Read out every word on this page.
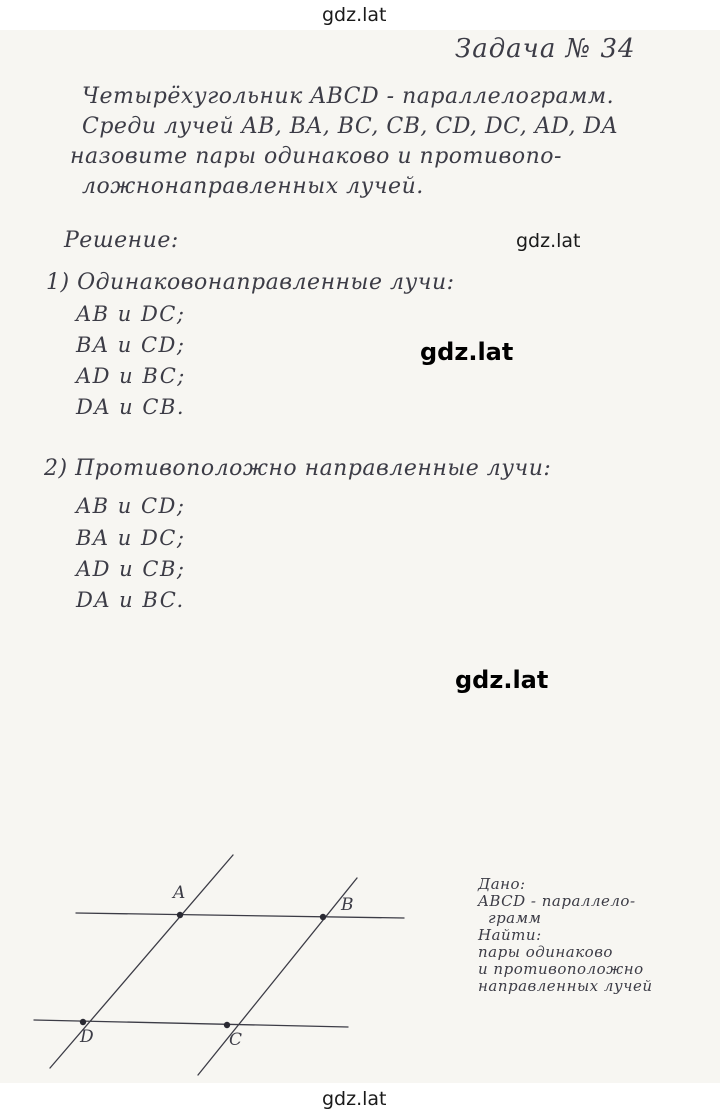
gdz.lat
gdz.lat
gdz.lat
gdz.lat
gdz.lat

Задача № 34

Четырёхугольник ABCD - параллелограмм.
Среди лучей AB, BA, BC, CB, CD, DC, AD, DA
назовите пары одинаково и противопо-
ложнонаправленных лучей.

Решение:

1) Одинаковонаправленные лучи:

AB и DC;

BA и CD;

AD и BC;

DA и CB.

2) Противоположно направленные лучи:

AB и CD;

BA и DC;

AD и CB;

DA и BC.

A
B
C
D
Дано:
ABCD - параллело-
грамм
Найти:
пары одинаково
и противоположно
направленных лучей
